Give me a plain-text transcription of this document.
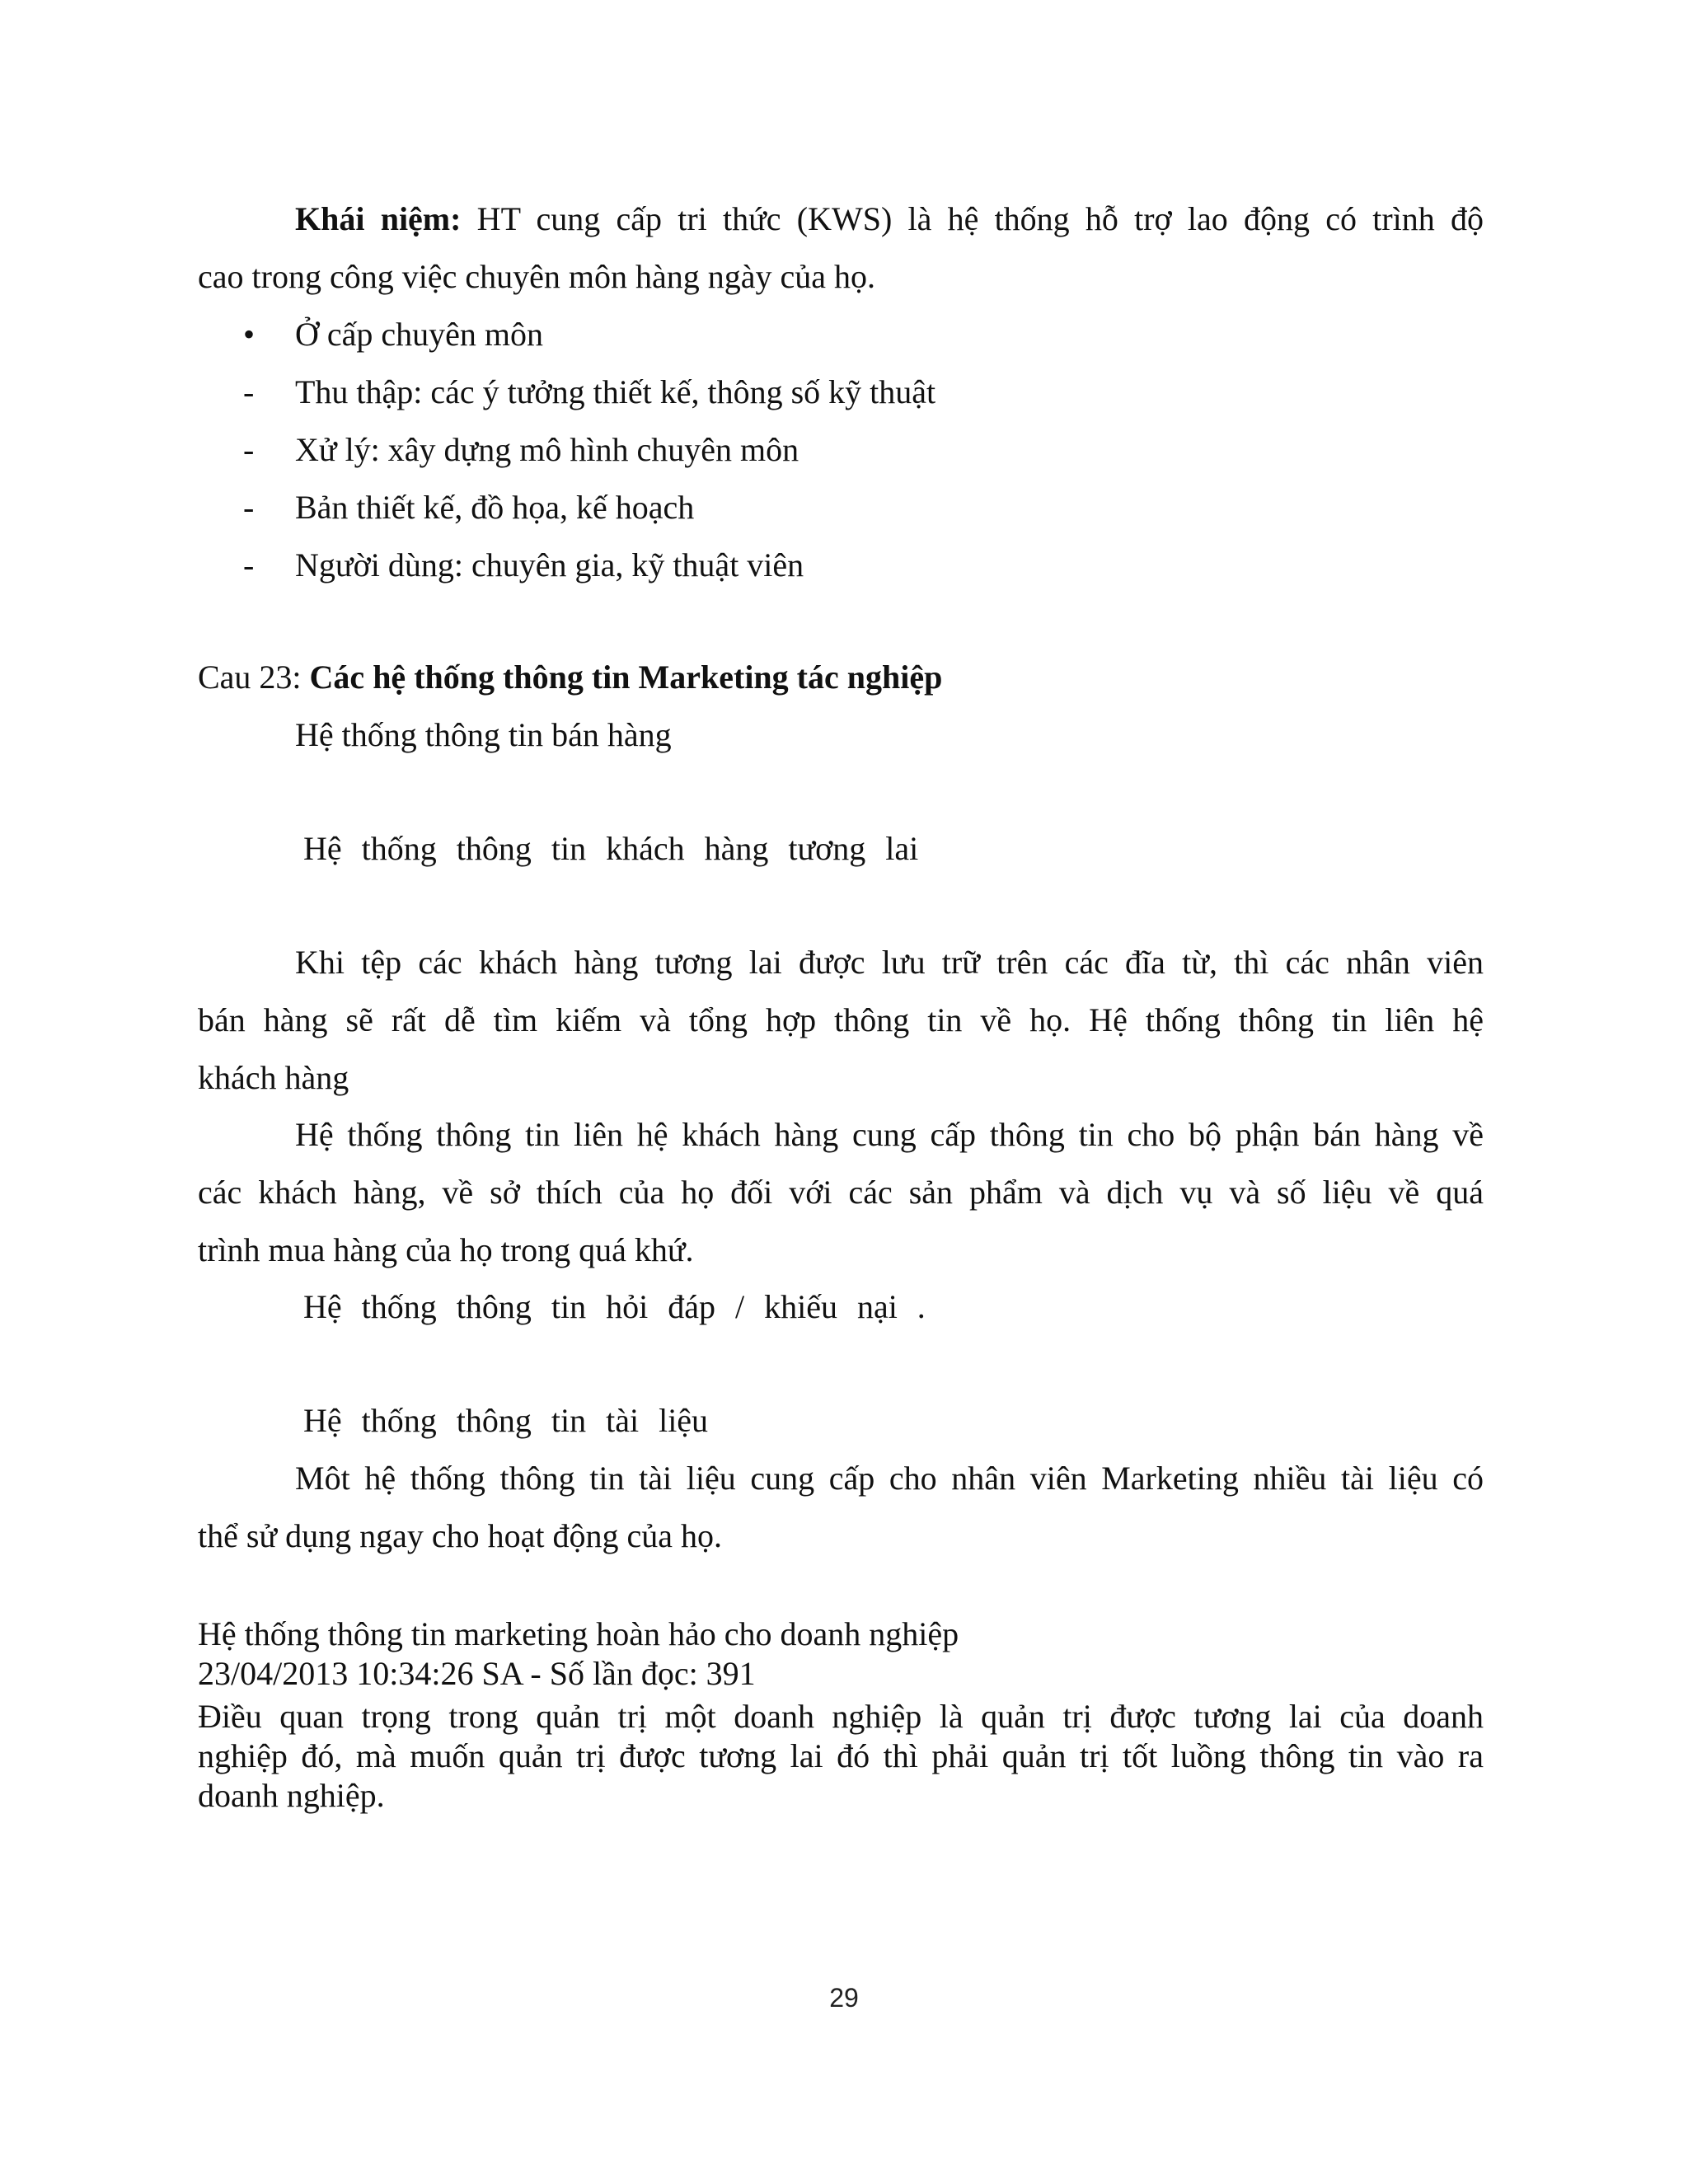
Khái niệm: HT cung cấp tri thức (KWS) là hệ thống hỗ trợ lao động có trình độ
cao trong công việc chuyên môn hàng ngày của họ.
• Ở cấp chuyên môn
- Thu thập: các ý tưởng thiết kế, thông số kỹ thuật
- Xử lý: xây dựng mô hình chuyên môn
- Bản thiết kế, đồ họa, kế hoạch
- Người dùng: chuyên gia, kỹ thuật viên
Cau 23: Các hệ thống thông tin Marketing tác nghiệp
Hệ thống thông tin bán hàng
Hệ thống thông tin khách hàng tương lai
Khi tệp các khách hàng tương lai được lưu trữ trên các đĩa từ, thì các nhân viên
bán hàng sẽ rất dễ tìm kiếm và tổng hợp thông tin về họ. Hệ thống thông tin liên hệ
khách hàng
Hệ thống thông tin liên hệ khách hàng cung cấp thông tin cho bộ phận bán hàng về
các khách hàng, về sở thích của họ đối với các sản phẩm và dịch vụ và số liệu về quá
trình mua hàng của họ trong quá khứ.
Hệ thống thông tin hỏi đáp / khiếu nại .
Hệ thống thông tin tài liệu
Môt hệ thống thông tin tài liệu cung cấp cho nhân viên Marketing nhiều tài liệu có
thể sử dụng ngay cho hoạt động của họ.
Hệ thống thông tin marketing hoàn hảo cho doanh nghiệp
23/04/2013 10:34:26 SA - Số lần đọc: 391
Điều quan trọng trong quản trị một doanh nghiệp là quản trị được tương lai của doanh
nghiệp đó, mà muốn quản trị được tương lai đó thì phải quản trị tốt luồng thông tin vào ra
doanh nghiệp.
29
